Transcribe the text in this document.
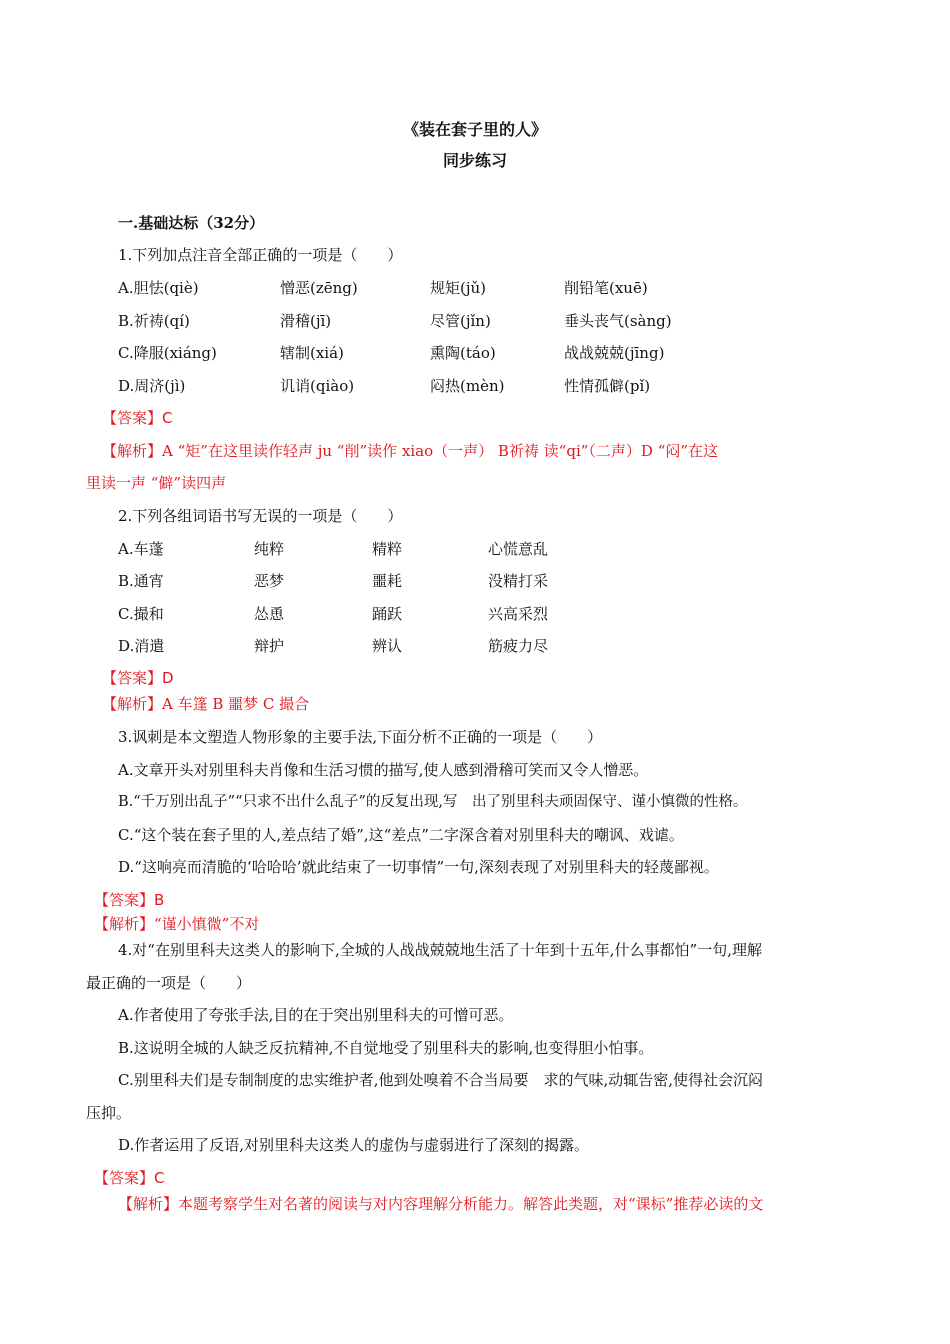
《装在套子里的人》
同步练习
一.基础达标（32分）
1.下列加点注音全部正确的一项是（　　）
A.胆怯(qiè)	憎恶(zēng)	规矩(jǔ)	削铅笔(xuē)
B.祈祷(qí)	滑稽(jī)	尽管(jǐn)	垂头丧气(sàng)
C.降服(xiáng)	辖制(xiá)	熏陶(táo)	战战兢兢(jīng)
D.周济(jì)	讥诮(qiào)	闷热(mèn)	性情孤僻(pǐ)
【答案】C
【解析】A “矩”在这里读作轻声 ju “削”读作 xiao（一声） B祈祷 读“qi”（二声）D “闷”在这
里读一声 “僻”读四声
2.下列各组词语书写无误的一项是（　　）
A.车蓬	纯粹	精粹	心慌意乱
B.通宵	恶梦	噩耗	没精打采
C.撮和	怂恿	踊跃	兴高采烈
D.消遣	辩护	辨认	筋疲力尽
【答案】D
【解析】A 车篷 B 噩梦 C 撮合
3.讽刺是本文塑造人物形象的主要手法,下面分析不正确的一项是（　　）
A.文章开头对别里科夫肖像和生活习惯的描写,使人感到滑稽可笑而又令人憎恶。
B.“千万别出乱子”“只求不出什么乱子”的反复出现,写　出了别里科夫顽固保守、谨小慎微的性格。
C.“这个装在套子里的人,差点结了婚”,这“差点”二字深含着对别里科夫的嘲讽、戏谑。
D.“这响亮而清脆的‘哈哈哈’就此结束了一切事情”一句,深刻表现了对别里科夫的轻蔑鄙视。
【答案】B
【解析】“谨小慎微”不对
4.对“在别里科夫这类人的影响下,全城的人战战兢兢地生活了十年到十五年,什么事都怕”一句,理解
最正确的一项是（　　）
A.作者使用了夸张手法,目的在于突出别里科夫的可憎可恶。
B.这说明全城的人缺乏反抗精神,不自觉地受了别里科夫的影响,也变得胆小怕事。
C.别里科夫们是专制制度的忠实维护者,他到处嗅着不合当局要　求的气味,动辄告密,使得社会沉闷
压抑。
D.作者运用了反语,对别里科夫这类人的虚伪与虚弱进行了深刻的揭露。
【答案】C
【解析】本题考察学生对名著的阅读与对内容理解分析能力。解答此类题，对“课标”推荐必读的文
